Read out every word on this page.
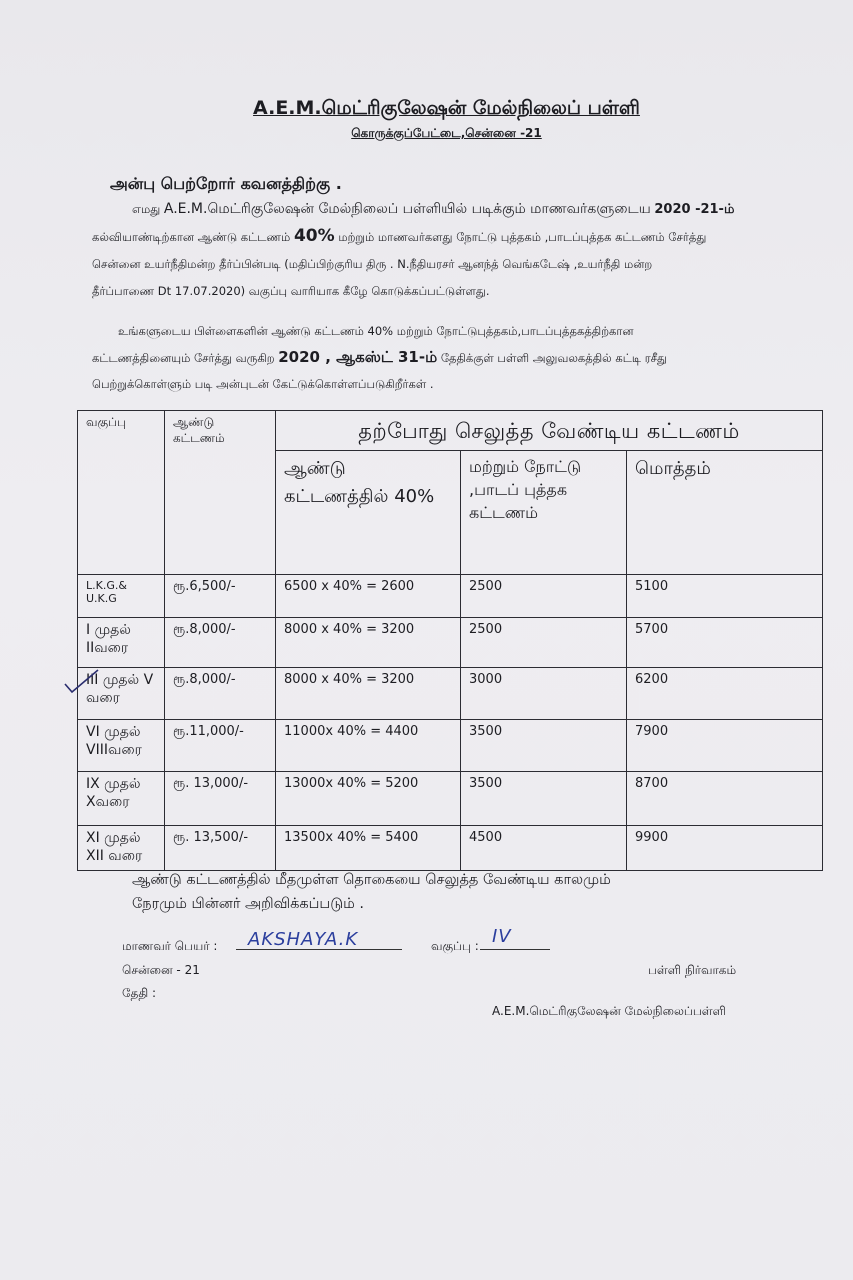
A.E.M.மெட்ரிகுலேஷன் மேல்நிலைப் பள்ளி
கொருக்குப்பேட்டை,சென்னை -21
அன்பு பெற்றோர் கவனத்திற்கு .
எமது A.E.M.மெட்ரிகுலேஷன் மேல்நிலைப் பள்ளியில் படிக்கும் மாணவர்களுடைய 2020 -21-ம்
கல்வியாண்டிற்கான ஆண்டு கட்டணம் 40% மற்றும் மாணவர்களது நோட்டு புத்தகம் ,பாடப்புத்தக கட்டணம் சேர்த்து
சென்னை உயர்நீதிமன்ற தீர்ப்பின்படி (மதிப்பிற்குரிய திரு . N.நீதியரசர் ஆனந்த் வெங்கடேஷ் ,உயர்நீதி மன்ற
தீர்ப்பாணை Dt 17.07.2020) வகுப்பு வாரியாக கீழே கொடுக்கப்பட்டுள்ளது.
உங்களுடைய பிள்ளைகளின் ஆண்டு கட்டணம் 40% மற்றும் நோட்டுபுத்தகம்,பாடப்புத்தகத்திற்கான
கட்டணத்தினையும் சேர்த்து வருகிற 2020 , ஆகஸ்ட் 31-ம் தேதிக்குள் பள்ளி அலுவலகத்தில் கட்டி ரசீது
பெற்றுக்கொள்ளும் படி அன்புடன் கேட்டுக்கொள்ளப்படுகிறீர்கள் .
வகுப்பு	ஆண்டு கட்டணம்	தற்போது செலுத்த வேண்டிய கட்டணம்		
		ஆண்டு கட்டணத்தில் 40%	மற்றும் நோட்டு ,பாடப் புத்தக கட்டணம்	மொத்தம்
L.K.G.& U.K.G	ரூ.6,500/-	6500 x 40% = 2600	2500	5100
I முதல் IIவரை	ரூ.8,000/-	8000 x 40% = 3200	2500	5700
III முதல் V வரை	ரூ.8,000/-	8000 x 40% = 3200	3000	6200
VI முதல் VIIIவரை	ரூ.11,000/-	11000x 40% = 4400	3500	7900
IX முதல் Xவரை	ரூ. 13,000/-	13000x 40% = 5200	3500	8700
XI முதல் XII வரை	ரூ. 13,500/-	13500x 40% = 5400	4500	9900
ஆண்டு கட்டணத்தில் மீதமுள்ள தொகையை செலுத்த வேண்டிய காலமும்
நேரமும் பின்னர் அறிவிக்கப்படும் .
மாணவர் பெயர் : AKSHAYA.K	வகுப்பு : IV
சென்னை - 21
தேதி :
பள்ளி நிர்வாகம்
A.E.M.மெட்ரிகுலேஷன் மேல்நிலைப்பள்ளி
